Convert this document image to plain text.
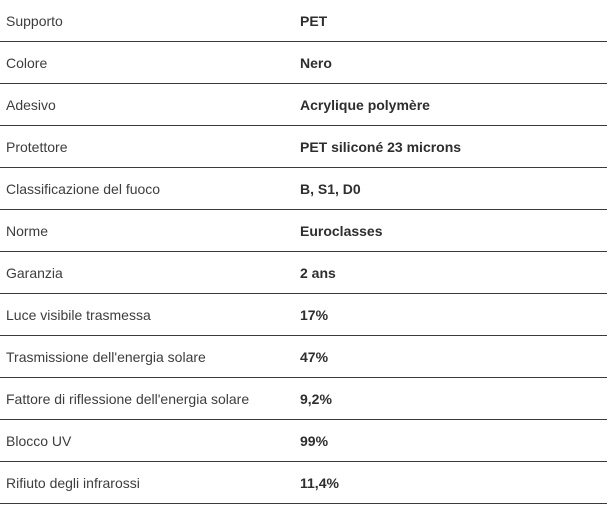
Supporto	PET
Colore	Nero
Adesivo	Acrylique polymère
Protettore	PET siliconé 23 microns
Classificazione del fuoco	B, S1, D0
Norme	Euroclasses
Garanzia	2 ans
Luce visibile trasmessa	17%
Trasmissione dell'energia solare	47%
Fattore di riflessione dell'energia solare	9,2%
Blocco UV	99%
Rifiuto degli infrarossi	11,4%
